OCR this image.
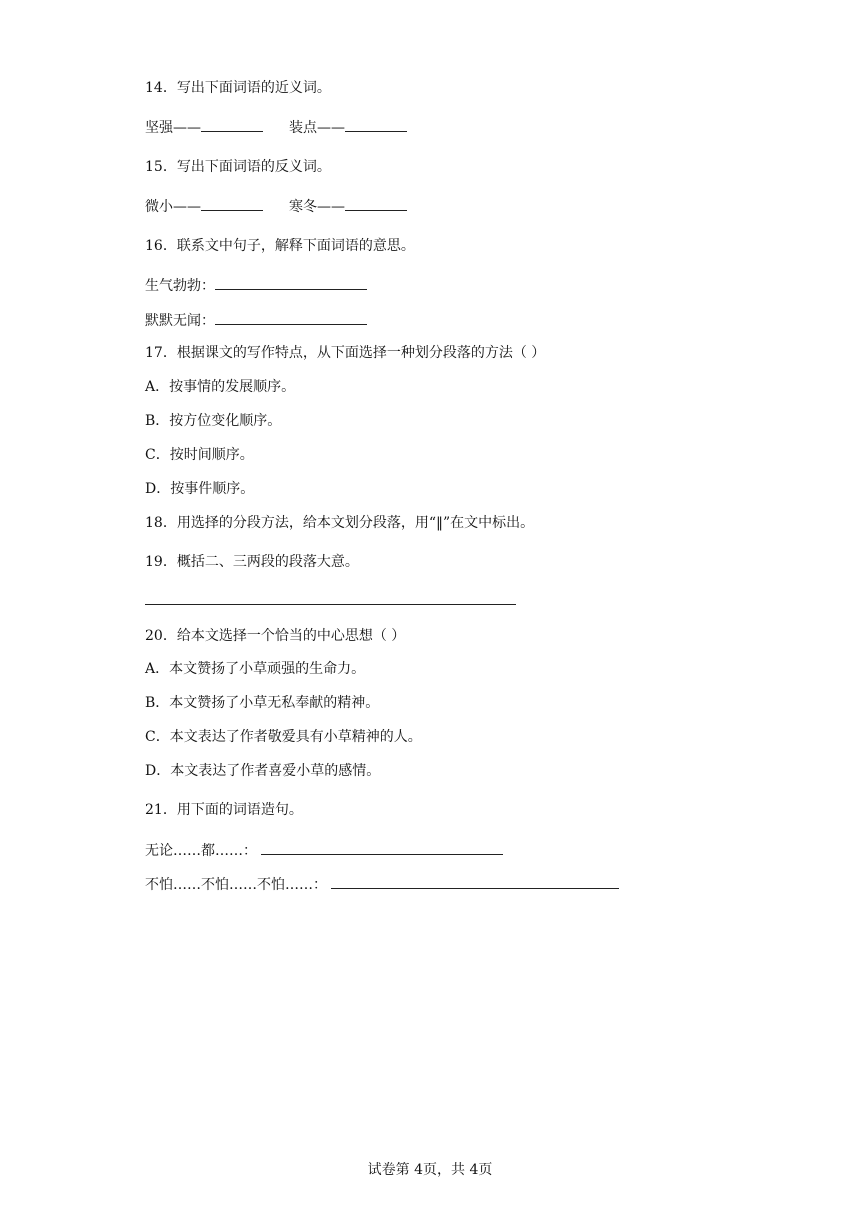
14．写出下面词语的近义词。
坚强——	装点——
15．写出下面词语的反义词。
微小——	寒冬——
16．联系文中句子，解释下面词语的意思。
生气勃勃：
默默无闻：
17．根据课文的写作特点，从下面选择一种划分段落的方法（ ）
A．按事情的发展顺序。
B．按方位变化顺序。
C．按时间顺序。
D．按事件顺序。
18．用选择的分段方法，给本文划分段落，用“‖”在文中标出。
19．概括二、三两段的段落大意。
20．给本文选择一个恰当的中心思想（ ）
A．本文赞扬了小草顽强的生命力。
B．本文赞扬了小草无私奉献的精神。
C．本文表达了作者敬爱具有小草精神的人。
D．本文表达了作者喜爱小草的感情。
21．用下面的词语造句。
无论……都……：
不怕……不怕……不怕……：
试卷第 4页，共 4页
